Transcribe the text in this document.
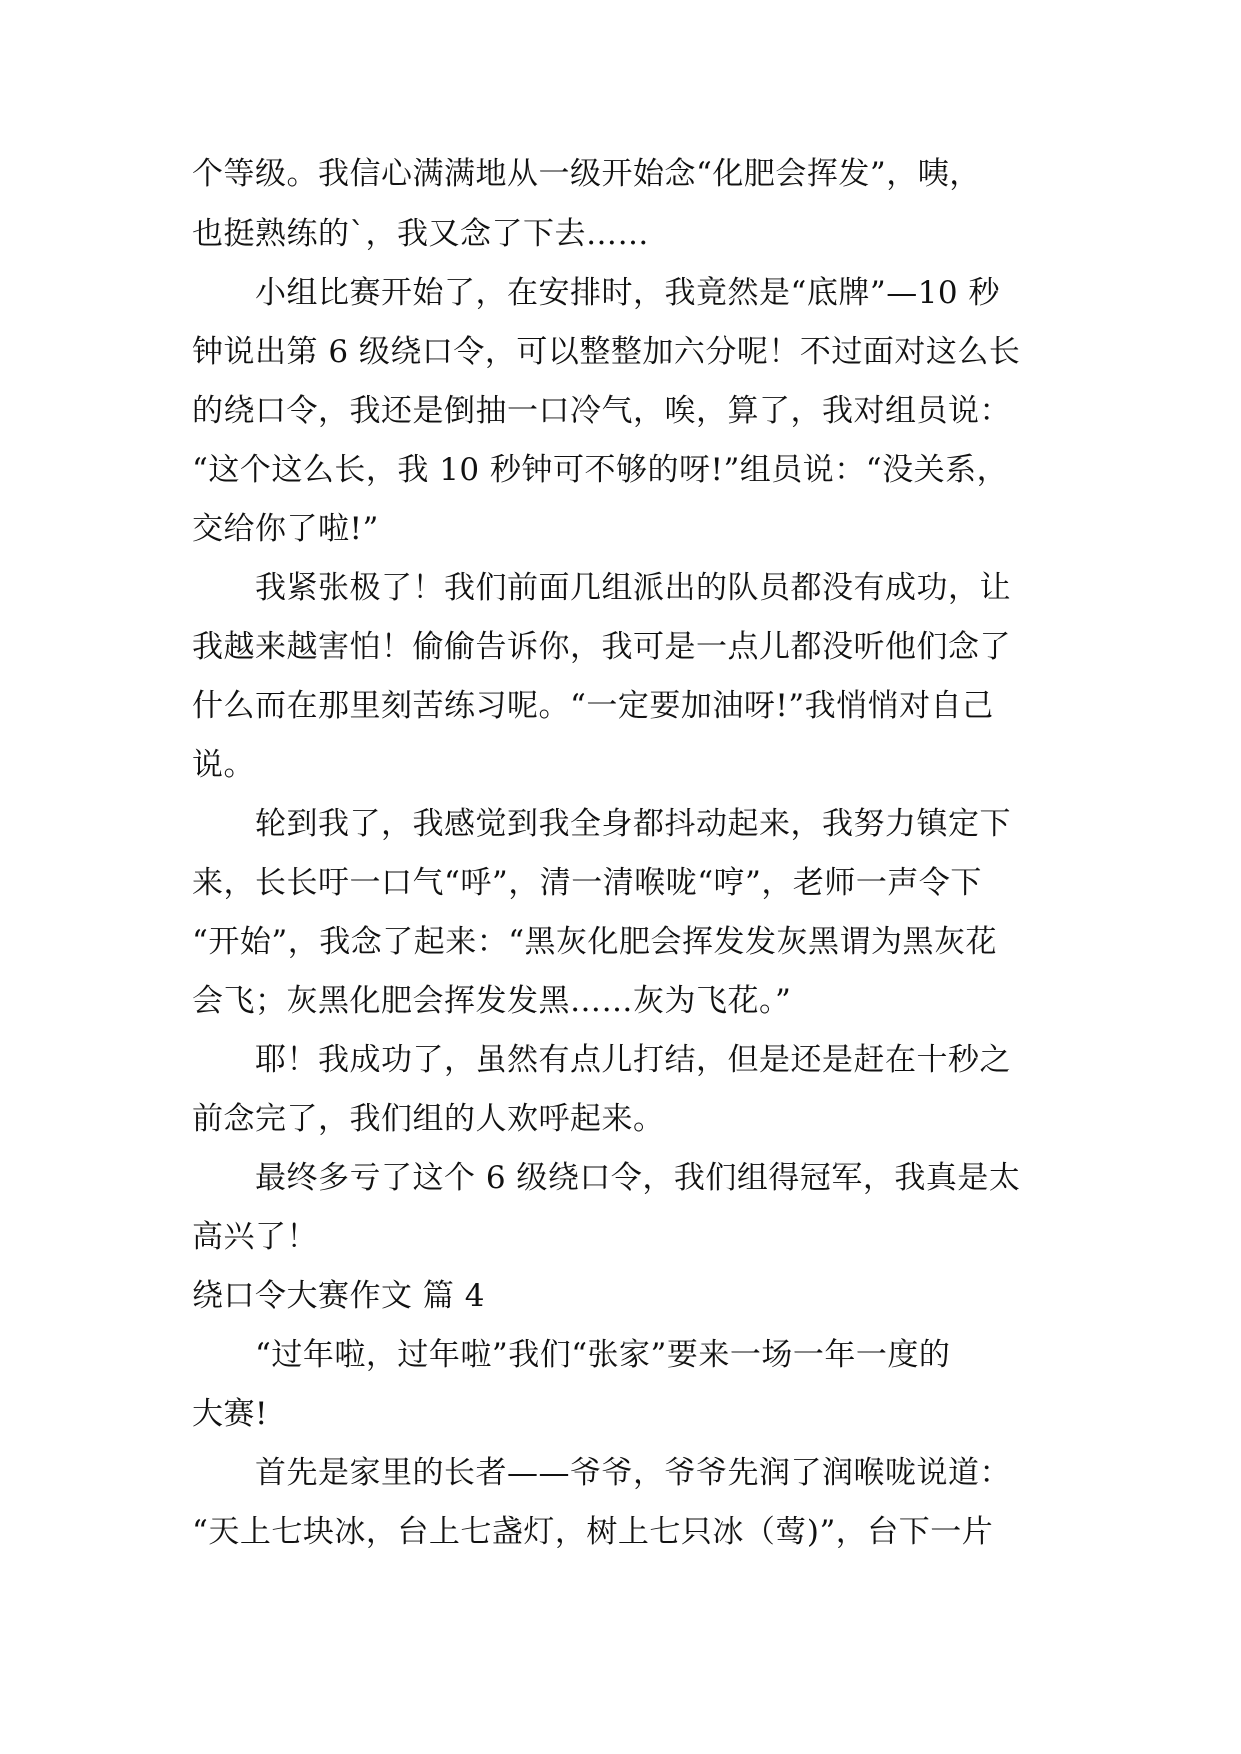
个等级。我信心满满地从一级开始念“化肥会挥发”，咦，
也挺熟练的`，我又念了下去……
　　小组比赛开始了，在安排时，我竟然是“底牌”—10 秒
钟说出第 6 级绕口令，可以整整加六分呢！不过面对这么长
的绕口令，我还是倒抽一口冷气，唉，算了，我对组员说：
“这个这么长，我 10 秒钟可不够的呀!”组员说：“没关系，
交给你了啦!”
　　我紧张极了！我们前面几组派出的队员都没有成功，让
我越来越害怕！偷偷告诉你，我可是一点儿都没听他们念了
什么而在那里刻苦练习呢。“一定要加油呀!”我悄悄对自己
说。
　　轮到我了，我感觉到我全身都抖动起来，我努力镇定下
来，长长吁一口气“呼”，清一清喉咙“哼”，老师一声令下
“开始”，我念了起来：“黑灰化肥会挥发发灰黑谓为黑灰花
会飞；灰黑化肥会挥发发黑……灰为飞花。”
　　耶！我成功了，虽然有点儿打结，但是还是赶在十秒之
前念完了，我们组的人欢呼起来。
　　最终多亏了这个 6 级绕口令，我们组得冠军，我真是太
高兴了！
绕口令大赛作文 篇 4
　　“过年啦，过年啦”我们“张家”要来一场一年一度的
大赛!
　　首先是家里的长者——爷爷，爷爷先润了润喉咙说道：
“天上七块冰，台上七盏灯，树上七只冰（莺)”，台下一片
